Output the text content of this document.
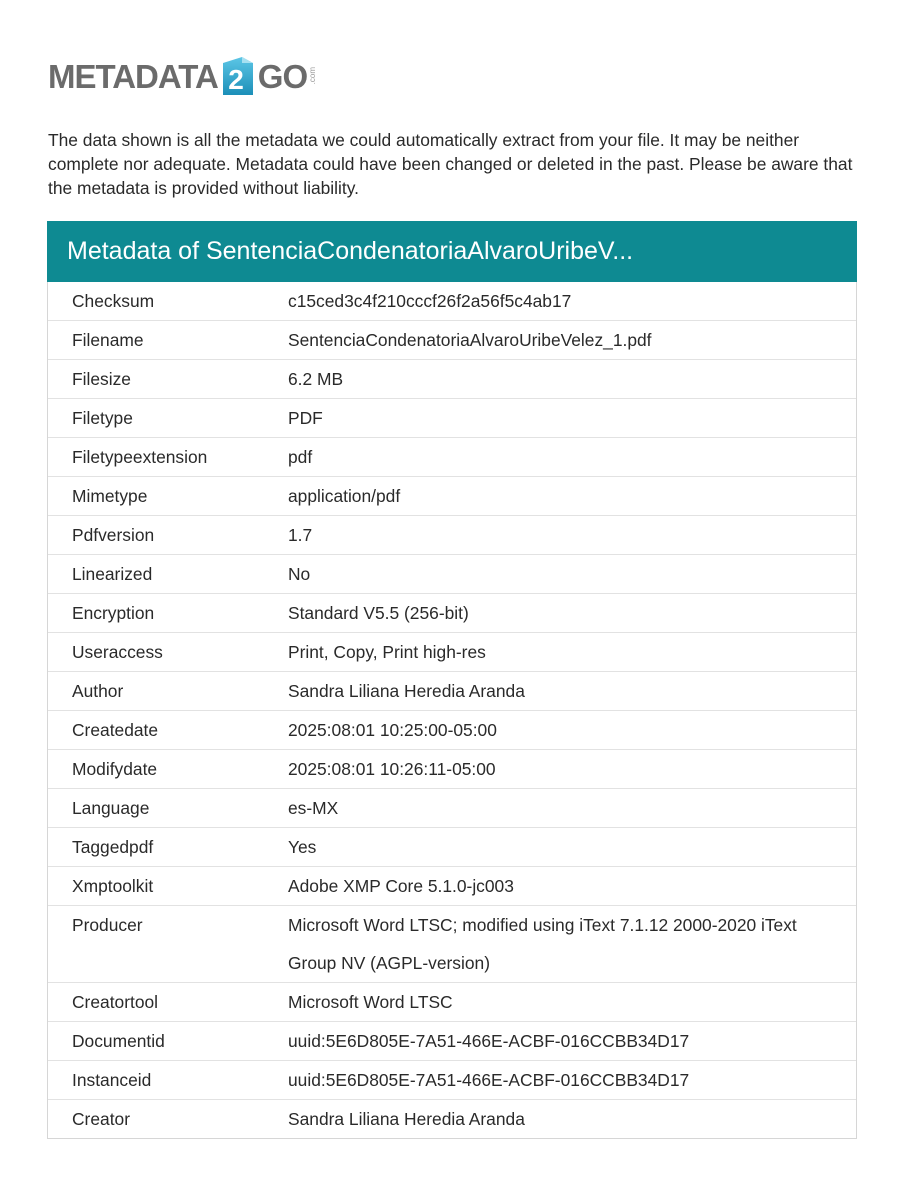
METADATA 2 GO .com

The data shown is all the metadata we could automatically extract from your file. It may be neither complete nor adequate. Metadata could have been changed or deleted in the past. Please be aware that the metadata is provided without liability.

Metadata of SentenciaCondenatoriaAlvaroUribeV...
Checksum	c15ced3c4f210cccf26f2a56f5c4ab17
Filename	SentenciaCondenatoriaAlvaroUribeVelez_1.pdf
Filesize	6.2 MB
Filetype	PDF
Filetypeextension	pdf
Mimetype	application/pdf
Pdfversion	1.7
Linearized	No
Encryption	Standard V5.5 (256-bit)
Useraccess	Print, Copy, Print high-res
Author	Sandra Liliana Heredia Aranda
Createdate	2025:08:01 10:25:00-05:00
Modifydate	2025:08:01 10:26:11-05:00
Language	es-MX
Taggedpdf	Yes
Xmptoolkit	Adobe XMP Core 5.1.0-jc003
Producer	Microsoft Word LTSC; modified using iText 7.1.12 2000-2020 iText Group NV (AGPL-version)
Creatortool	Microsoft Word LTSC
Documentid	uuid:5E6D805E-7A51-466E-ACBF-016CCBB34D17
Instanceid	uuid:5E6D805E-7A51-466E-ACBF-016CCBB34D17
Creator	Sandra Liliana Heredia Aranda
